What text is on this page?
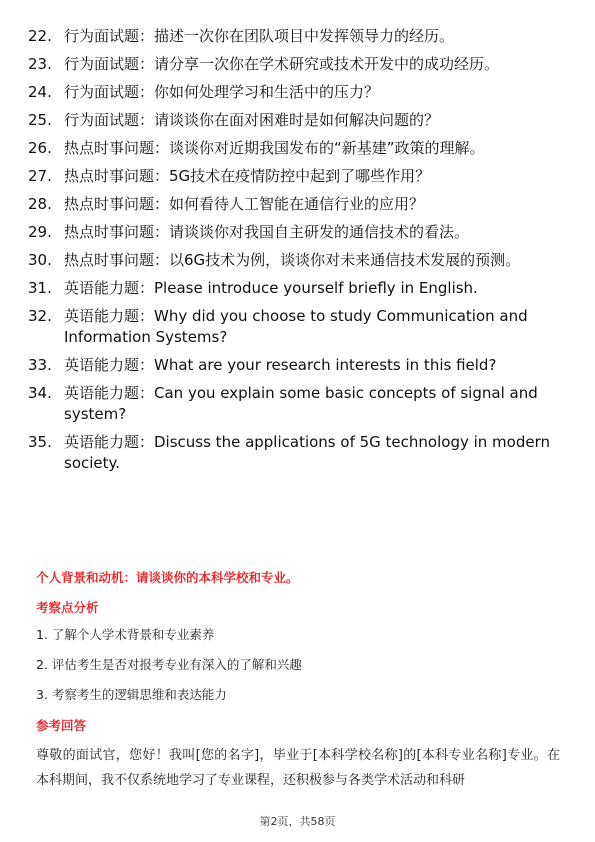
22. 行为面试题：描述一次你在团队项目中发挥领导力的经历。
23. 行为面试题：请分享一次你在学术研究或技术开发中的成功经历。
24. 行为面试题：你如何处理学习和生活中的压力？
25. 行为面试题：请谈谈你在面对困难时是如何解决问题的？
26. 热点时事问题：谈谈你对近期我国发布的“新基建”政策的理解。
27. 热点时事问题：5G技术在疫情防控中起到了哪些作用？
28. 热点时事问题：如何看待人工智能在通信行业的应用？
29. 热点时事问题：请谈谈你对我国自主研发的通信技术的看法。
30. 热点时事问题：以6G技术为例，谈谈你对未来通信技术发展的预测。
31. 英语能力题：Please introduce yourself briefly in English.
32. 英语能力题：Why did you choose to study Communication and Information Systems?
33. 英语能力题：What are your research interests in this field?
34. 英语能力题：Can you explain some basic concepts of signal and system?
35. 英语能力题：Discuss the applications of 5G technology in modern society.
个人背景和动机：请谈谈你的本科学校和专业。
考察点分析
1. 了解个人学术背景和专业素养
2. 评估考生是否对报考专业有深入的了解和兴趣
3. 考察考生的逻辑思维和表达能力
参考回答
尊敬的面试官，您好！我叫[您的名字]，毕业于[本科学校名称]的[本科专业名称]专业。在本科期间，我不仅系统地学习了专业课程，还积极参与各类学术活动和科研
第2页，共58页
